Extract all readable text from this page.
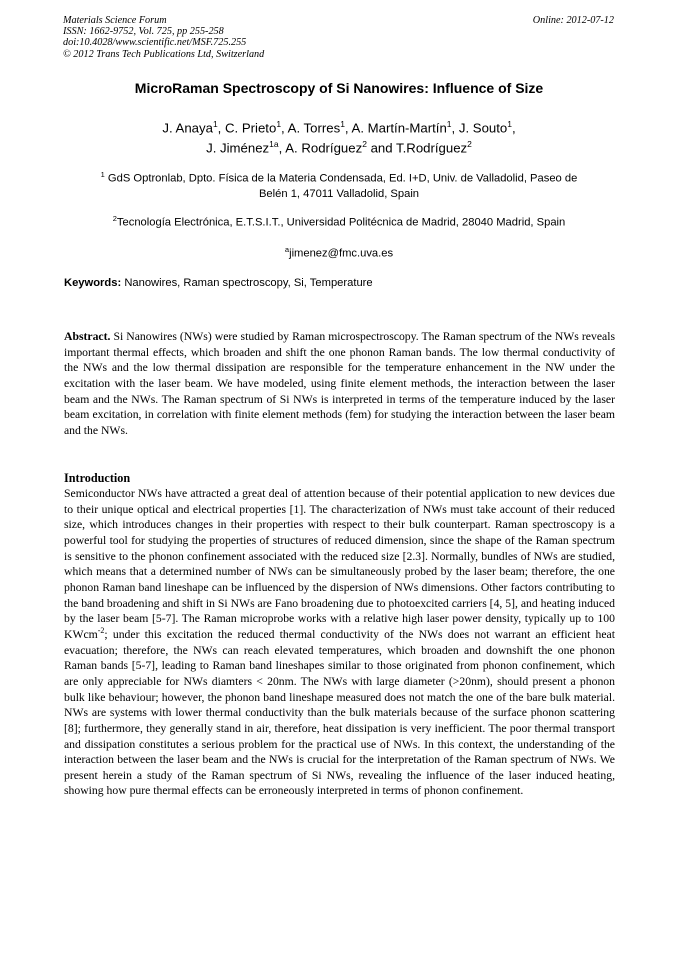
Materials Science Forum
ISSN: 1662-9752, Vol. 725, pp 255-258
doi:10.4028/www.scientific.net/MSF.725.255
© 2012 Trans Tech Publications Ltd, Switzerland
Online: 2012-07-12
MicroRaman Spectroscopy of Si Nanowires: Influence of Size
J. Anaya$^1$, C. Prieto$^1$, A. Torres$^1$, A. Martín-Martín$^1$, J. Souto$^1$,
J. Jiménez$^{1a}$, A. Rodríguez$^2$ and T.Rodríguez$^2$
$^1$ GdS Optronlab, Dpto. Física de la Materia Condensada, Ed. I+D, Univ. de Valladolid, Paseo de
Belén 1, 47011 Valladolid, Spain
$^2$Tecnología Electrónica, E.T.S.I.T., Universidad Politécnica de Madrid, 28040 Madrid, Spain
$^a$jimenez@fmc.uva.es
Keywords: Nanowires, Raman spectroscopy, Si, Temperature
Abstract. Si Nanowires (NWs) were studied by Raman microspectroscopy. The Raman spectrum of the NWs reveals important thermal effects, which broaden and shift the one phonon Raman bands. The low thermal conductivity of the NWs and the low thermal dissipation are responsible for the temperature enhancement in the NW under the excitation with the laser beam. We have modeled, using finite element methods, the interaction between the laser beam and the NWs. The Raman spectrum of Si NWs is interpreted in terms of the temperature induced by the laser beam excitation, in correlation with finite element methods (fem) for studying the interaction between the laser beam and the NWs.
Introduction
Semiconductor NWs have attracted a great deal of attention because of their potential application to new devices due to their unique optical and electrical properties [1]. The characterization of NWs must take account of their reduced size, which introduces changes in their properties with respect to their bulk counterpart. Raman spectroscopy is a powerful tool for studying the properties of structures of reduced dimension, since the shape of the Raman spectrum is sensitive to the phonon confinement associated with the reduced size [2.3]. Normally, bundles of NWs are studied, which means that a determined number of NWs can be simultaneously probed by the laser beam; therefore, the one phonon Raman band lineshape can be influenced by the dispersion of NWs dimensions. Other factors contributing to the band broadening and shift in Si NWs are Fano broadening due to photoexcited carriers [4, 5], and heating induced by the laser beam [5-7]. The Raman microprobe works with a relative high laser power density, typically up to 100 KWcm$^{-2}$; under this excitation the reduced thermal conductivity of the NWs does not warrant an efficient heat evacuation; therefore, the NWs can reach elevated temperatures, which broaden and downshift the one phonon Raman bands [5-7], leading to Raman band lineshapes similar to those originated from phonon confinement, which are only appreciable for NWs diamters < 20nm. The NWs with large diameter (>20nm), should present a phonon bulk like behaviour; however, the phonon band lineshape measured does not match the one of the bare bulk material. NWs are systems with lower thermal conductivity than the bulk materials because of the surface phonon scattering [8]; furthermore, they generally stand in air, therefore, heat dissipation is very inefficient. The poor thermal transport and dissipation constitutes a serious problem for the practical use of NWs. In this context, the understanding of the interaction between the laser beam and the NWs is crucial for the interpretation of the Raman spectrum of NWs. We present herein a study of the Raman spectrum of Si NWs, revealing the influence of the laser induced heating, showing how pure thermal effects can be erroneously interpreted in terms of phonon confinement.
